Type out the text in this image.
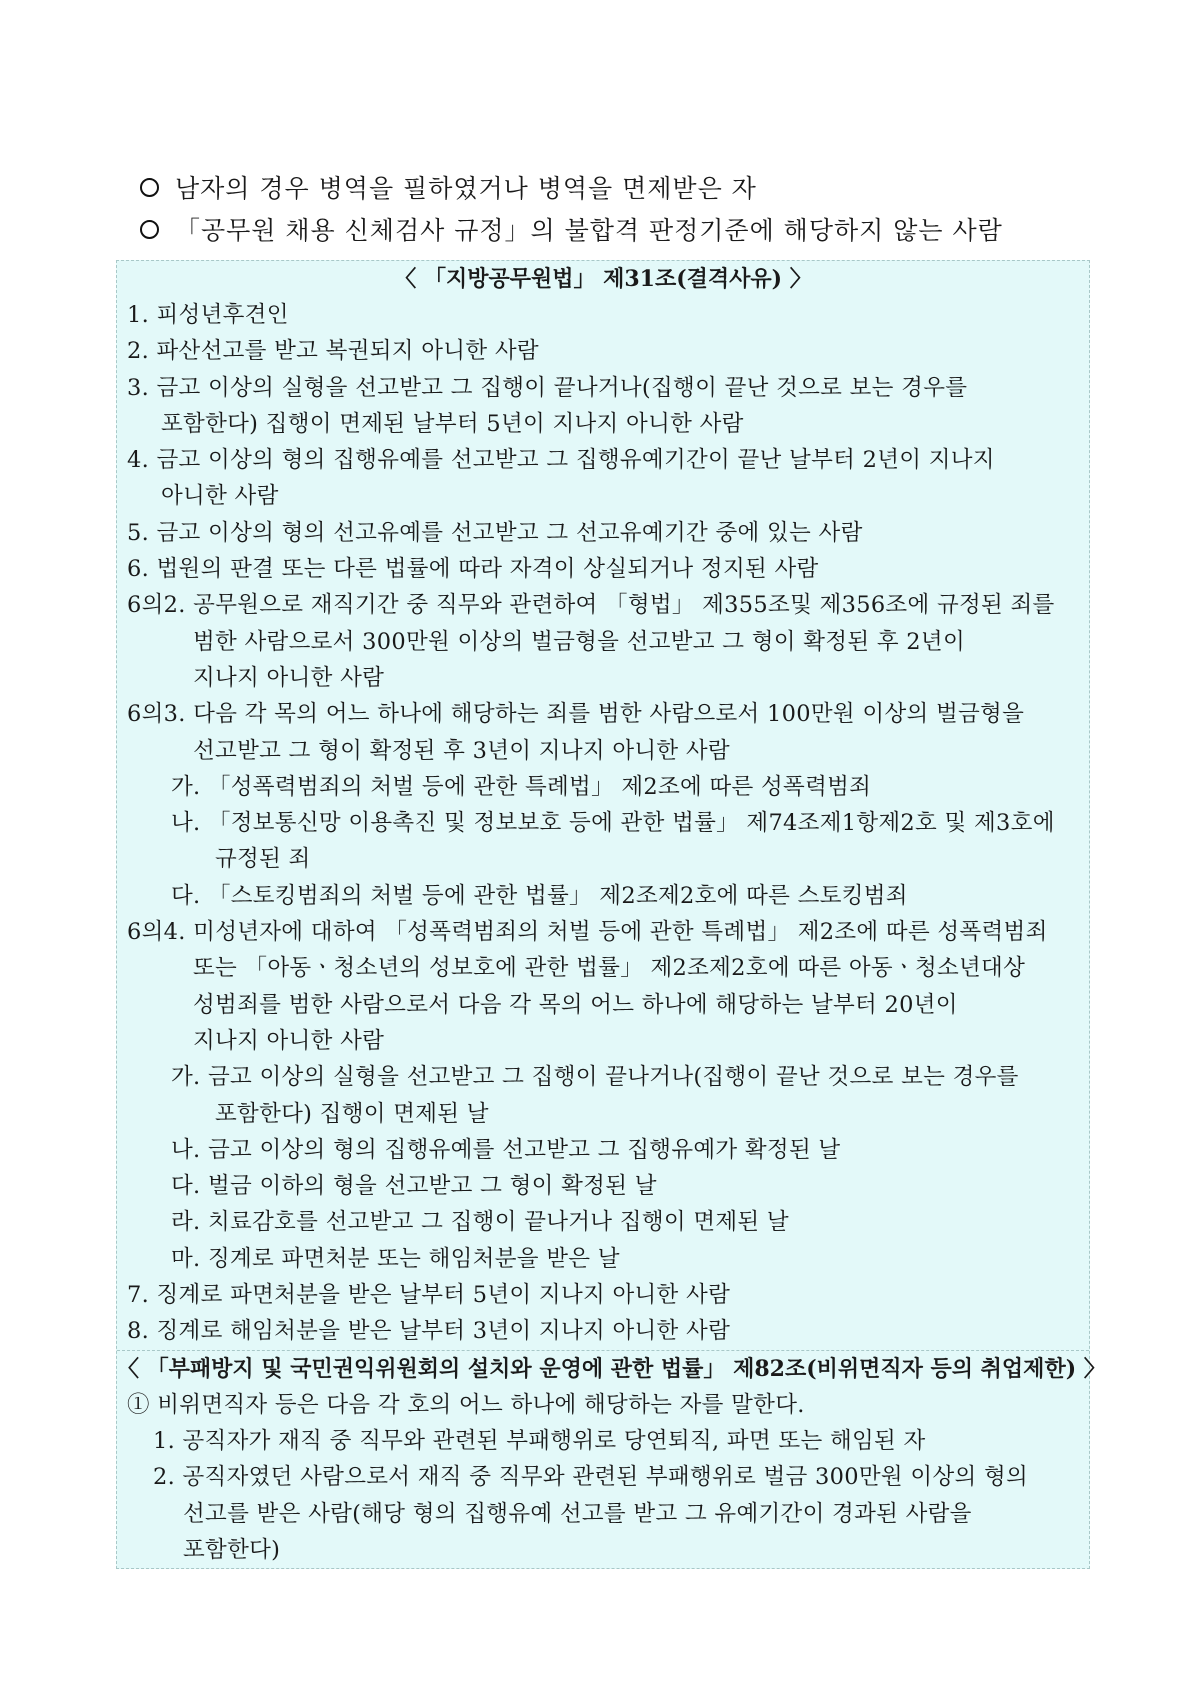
남자의 경우 병역을 필하였거나 병역을 면제받은 자
「공무원 채용 신체검사 규정」의 불합격 판정기준에 해당하지 않는 사람
〈 「지방공무원법」 제31조(결격사유) 〉
1. 피성년후견인
2. 파산선고를 받고 복권되지 아니한 사람
3. 금고 이상의 실형을 선고받고 그 집행이 끝나거나(집행이 끝난 것으로 보는 경우를
포함한다) 집행이 면제된 날부터 5년이 지나지 아니한 사람
4. 금고 이상의 형의 집행유예를 선고받고 그 집행유예기간이 끝난 날부터 2년이 지나지
아니한 사람
5. 금고 이상의 형의 선고유예를 선고받고 그 선고유예기간 중에 있는 사람
6. 법원의 판결 또는 다른 법률에 따라 자격이 상실되거나 정지된 사람
6의2. 공무원으로 재직기간 중 직무와 관련하여 「형법」 제355조및 제356조에 규정된 죄를
범한 사람으로서 300만원 이상의 벌금형을 선고받고 그 형이 확정된 후 2년이
지나지 아니한 사람
6의3. 다음 각 목의 어느 하나에 해당하는 죄를 범한 사람으로서 100만원 이상의 벌금형을
선고받고 그 형이 확정된 후 3년이 지나지 아니한 사람
가. 「성폭력범죄의 처벌 등에 관한 특례법」 제2조에 따른 성폭력범죄
나. 「정보통신망 이용촉진 및 정보보호 등에 관한 법률」 제74조제1항제2호 및 제3호에
규정된 죄
다. 「스토킹범죄의 처벌 등에 관한 법률」 제2조제2호에 따른 스토킹범죄
6의4. 미성년자에 대하여 「성폭력범죄의 처벌 등에 관한 특례법」 제2조에 따른 성폭력범죄
또는 「아동ㆍ청소년의 성보호에 관한 법률」 제2조제2호에 따른 아동ㆍ청소년대상
성범죄를 범한 사람으로서 다음 각 목의 어느 하나에 해당하는 날부터 20년이
지나지 아니한 사람
가. 금고 이상의 실형을 선고받고 그 집행이 끝나거나(집행이 끝난 것으로 보는 경우를
포함한다) 집행이 면제된 날
나. 금고 이상의 형의 집행유예를 선고받고 그 집행유예가 확정된 날
다. 벌금 이하의 형을 선고받고 그 형이 확정된 날
라. 치료감호를 선고받고 그 집행이 끝나거나 집행이 면제된 날
마. 징계로 파면처분 또는 해임처분을 받은 날
7. 징계로 파면처분을 받은 날부터 5년이 지나지 아니한 사람
8. 징계로 해임처분을 받은 날부터 3년이 지나지 아니한 사람
〈 「부패방지 및 국민권익위원회의 설치와 운영에 관한 법률」 제82조(비위면직자 등의 취업제한) 〉
① 비위면직자 등은 다음 각 호의 어느 하나에 해당하는 자를 말한다.
1. 공직자가 재직 중 직무와 관련된 부패행위로 당연퇴직, 파면 또는 해임된 자
2. 공직자였던 사람으로서 재직 중 직무와 관련된 부패행위로 벌금 300만원 이상의 형의
선고를 받은 사람(해당 형의 집행유예 선고를 받고 그 유예기간이 경과된 사람을
포함한다)
